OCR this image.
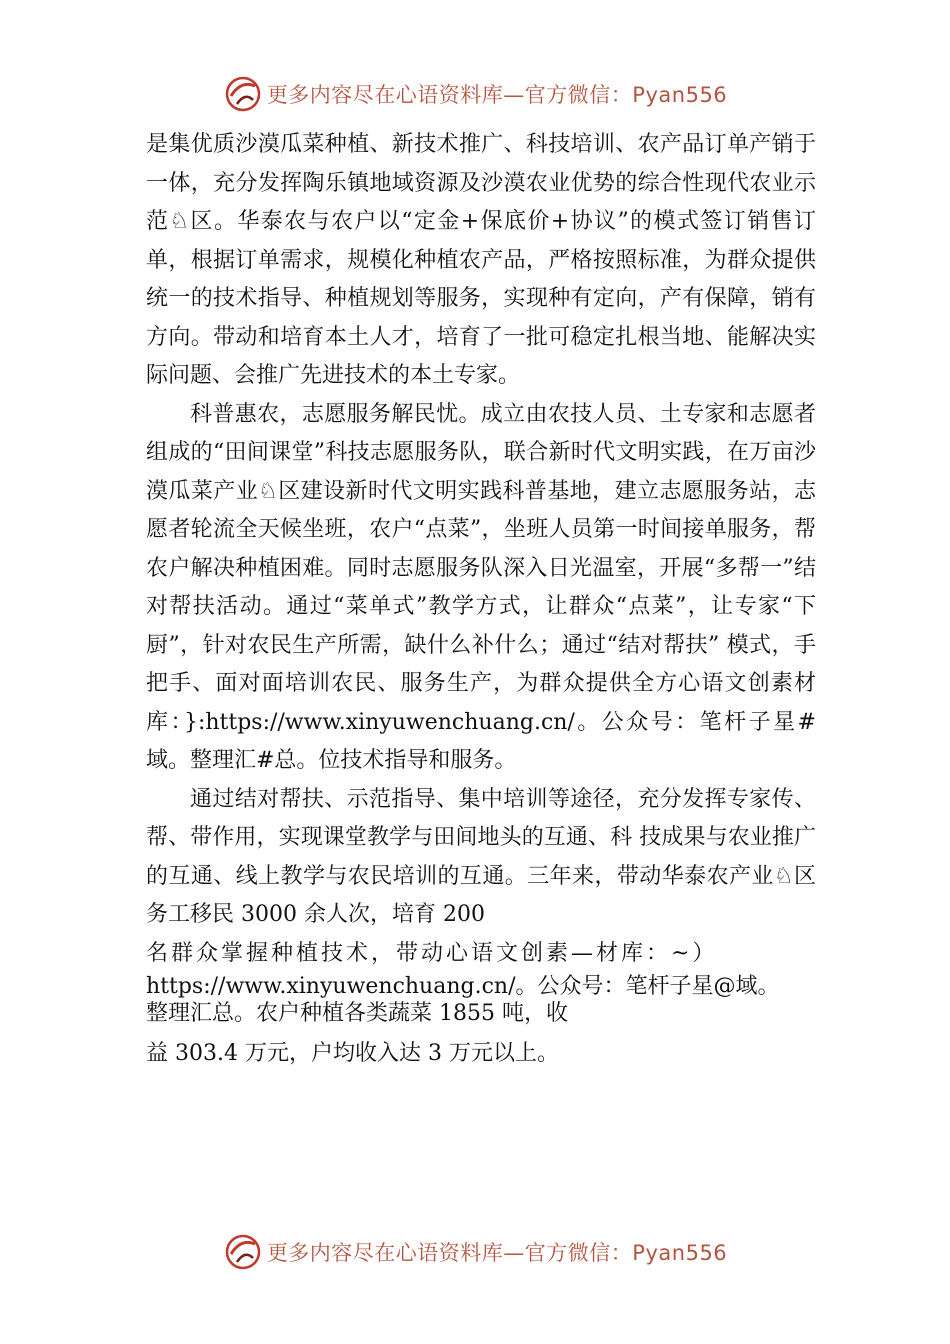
更多内容尽在心语资料库—官方微信：Pyan556

是集优质沙漠瓜菜种植、新技术推广、科技培训、农产品订单产销于一体，充分发挥陶乐镇地域资源及沙漠农业优势的综合性现代农业示范♘区。华泰农与农户以“定金+保底价+协议”的模式签订销售订单，根据订单需求，规模化种植农产品，严格按照标准，为群众提供统一的技术指导、种植规划等服务，实现种有定向，产有保障，销有方向。带动和培育本土人才，培育了一批可稳定扎根当地、能解决实际问题、会推广先进技术的本土专家。

科普惠农，志愿服务解民忧。成立由农技人员、土专家和志愿者组成的“田间课堂”科技志愿服务队，联合新时代文明实践，在万亩沙漠瓜菜产业♘区建设新时代文明实践科普基地，建立志愿服务站，志愿者轮流全天候坐班，农户“点菜”，坐班人员第一时间接单服务，帮农户解决种植困难。同时志愿服务队深入日光温室，开展“多帮一”结对帮扶活动。通过“菜单式”教学方式，让群众“点菜”，让专家“下厨”，针对农民生产所需，缺什么补什么；通过“结对帮扶” 模式，手把手、面对面培训农民、服务生产，为群众提供全方心语文创素材库：}:https://www.xinyuwenchuang.cn/。公众号：笔杆子星#域。整理汇#总。位技术指导和服务。

通过结对帮扶、示范指导、集中培训等途径，充分发挥专家传、帮、带作用，实现课堂教学与田间地头的互通、科 技成果与农业推广的互通、线上教学与农民培训的互通。三年来，带动华泰农产业♘区务工移民 3000 余人次，培育 200

名群众掌握种植技术，带动心语文创素—材库：~）

https://www.xinyuwenchuang.cn/。公众号：笔杆子星@域。

整理汇总。农户种植各类蔬菜 1855 吨，收

益 303.4 万元，户均收入达 3 万元以上。

更多内容尽在心语资料库—官方微信：Pyan556
